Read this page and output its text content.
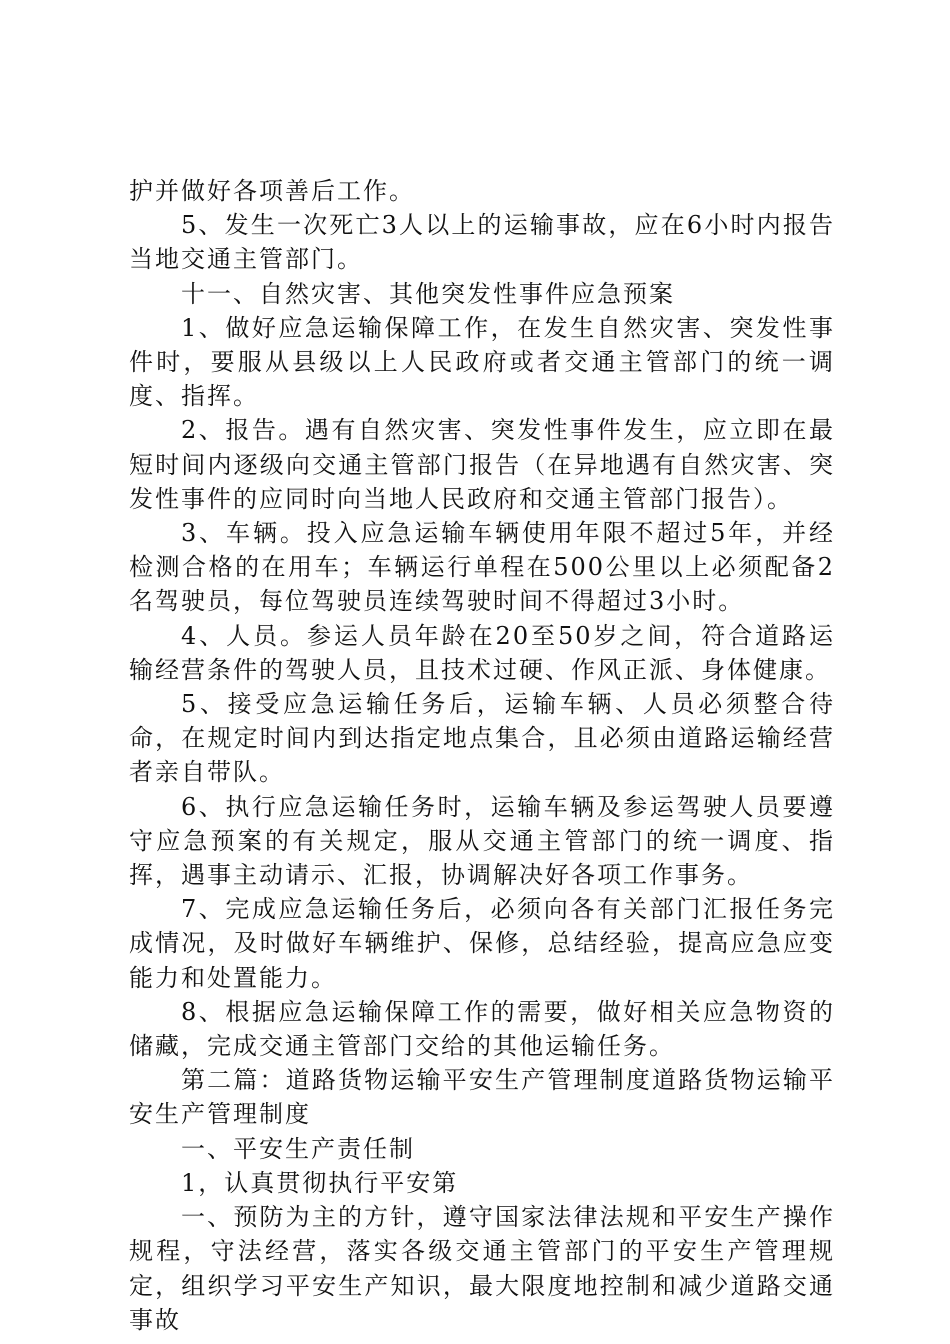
护并做好各项善后工作。

5、发生一次死亡3人以上的运输事故，应在6小时内报告当地交通主管部门。

十一、自然灾害、其他突发性事件应急预案

1、做好应急运输保障工作，在发生自然灾害、突发性事件时，要服从县级以上人民政府或者交通主管部门的统一调度、指挥。

2、报告。遇有自然灾害、突发性事件发生，应立即在最短时间内逐级向交通主管部门报告（在异地遇有自然灾害、突发性事件的应同时向当地人民政府和交通主管部门报告）。

3、车辆。投入应急运输车辆使用年限不超过5年，并经检测合格的在用车；车辆运行单程在500公里以上必须配备2名驾驶员，每位驾驶员连续驾驶时间不得超过3小时。

4、人员。参运人员年龄在20至50岁之间，符合道路运输经营条件的驾驶人员，且技术过硬、作风正派、身体健康。

5、接受应急运输任务后，运输车辆、人员必须整合待命，在规定时间内到达指定地点集合，且必须由道路运输经营者亲自带队。

6、执行应急运输任务时，运输车辆及参运驾驶人员要遵守应急预案的有关规定，服从交通主管部门的统一调度、指挥，遇事主动请示、汇报，协调解决好各项工作事务。

7、完成应急运输任务后，必须向各有关部门汇报任务完成情况，及时做好车辆维护、保修，总结经验，提高应急应变能力和处置能力。

8、根据应急运输保障工作的需要，做好相关应急物资的储藏，完成交通主管部门交给的其他运输任务。

第二篇：道路货物运输平安生产管理制度道路货物运输平安生产管理制度

一、平安生产责任制

1，认真贯彻执行平安第

一、预防为主的方针，遵守国家法律法规和平安生产操作规程，守法经营，落实各级交通主管部门的平安生产管理规定，组织学习平安生产知识，最大限度地控制和减少道路交通事故
